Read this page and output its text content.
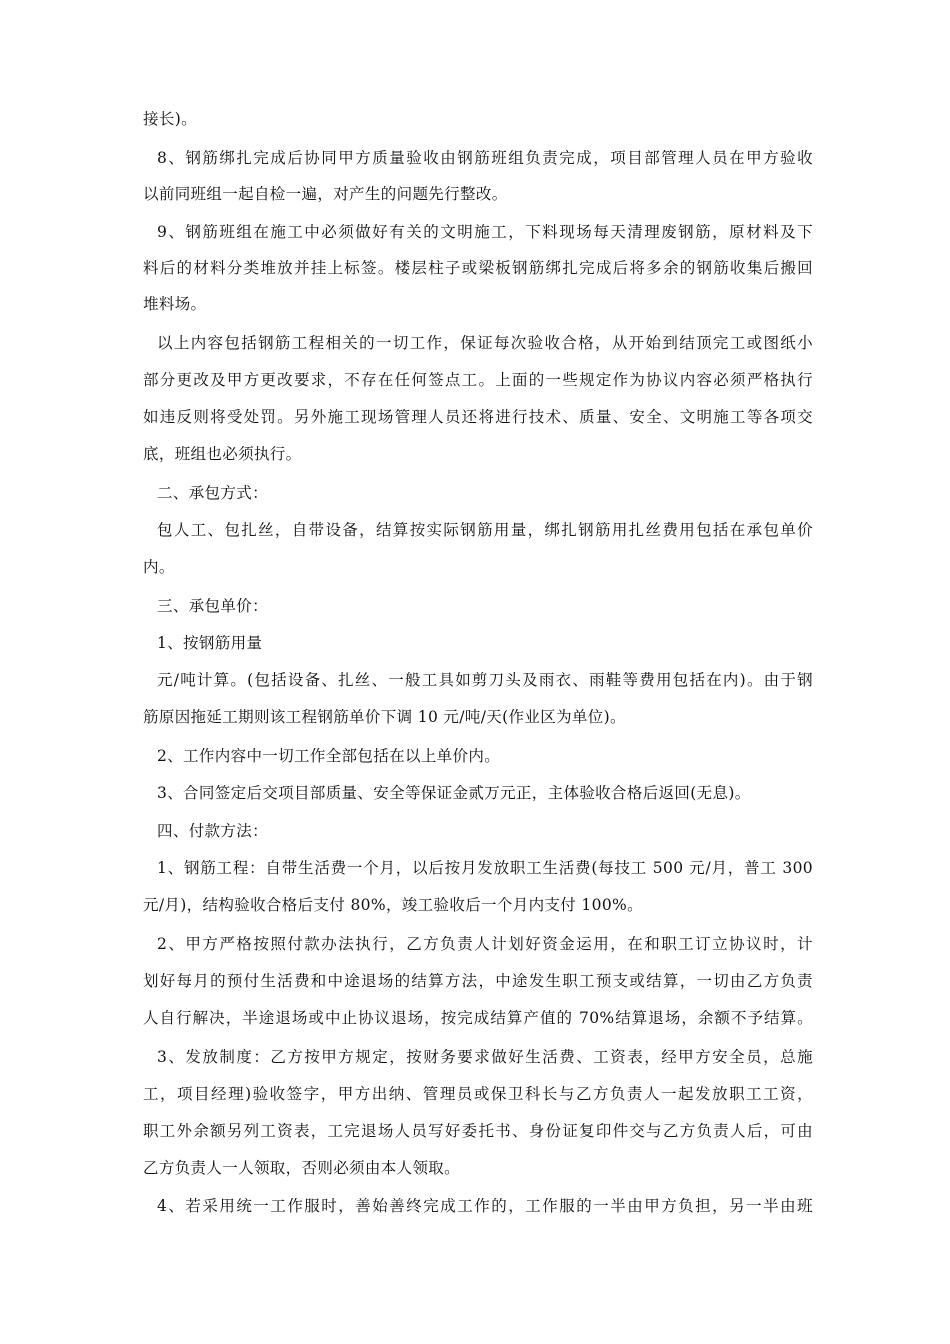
接长)。
8、钢筋绑扎完成后协同甲方质量验收由钢筋班组负责完成，项目部管理人员在甲方验收
以前同班组一起自检一遍，对产生的问题先行整改。
9、钢筋班组在施工中必须做好有关的文明施工，下料现场每天清理废钢筋，原材料及下
料后的材料分类堆放并挂上标签。楼层柱子或梁板钢筋绑扎完成后将多余的钢筋收集后搬回
堆料场。
以上内容包括钢筋工程相关的一切工作，保证每次验收合格，从开始到结顶完工或图纸小
部分更改及甲方更改要求，不存在任何签点工。上面的一些规定作为协议内容必须严格执行
如违反则将受处罚。另外施工现场管理人员还将进行技术、质量、安全、文明施工等各项交
底，班组也必须执行。
二、承包方式：
包人工、包扎丝，自带设备，结算按实际钢筋用量，绑扎钢筋用扎丝费用包括在承包单价
内。
三、承包单价：
1、按钢筋用量
元/吨计算。(包括设备、扎丝、一般工具如剪刀头及雨衣、雨鞋等费用包括在内)。由于钢
筋原因拖延工期则该工程钢筋单价下调 10 元/吨/天(作业区为单位)。
2、工作内容中一切工作全部包括在以上单价内。
3、合同签定后交项目部质量、安全等保证金贰万元正，主体验收合格后返回(无息)。
四、付款方法：
1、钢筋工程：自带生活费一个月，以后按月发放职工生活费(每技工 500 元/月，普工 300
元/月)，结构验收合格后支付 80%，竣工验收后一个月内支付 100%。
2、甲方严格按照付款办法执行，乙方负责人计划好资金运用，在和职工订立协议时，计
划好每月的预付生活费和中途退场的结算方法，中途发生职工预支或结算，一切由乙方负责
人自行解决，半途退场或中止协议退场，按完成结算产值的 70%结算退场，余额不予结算。
3、发放制度：乙方按甲方规定，按财务要求做好生活费、工资表，经甲方安全员，总施
工，项目经理)验收签字，甲方出纳、管理员或保卫科长与乙方负责人一起发放职工工资，
职工外余额另列工资表，工完退场人员写好委托书、身份证复印件交与乙方负责人后，可由
乙方负责人一人领取，否则必须由本人领取。
4、若采用统一工作服时，善始善终完成工作的，工作服的一半由甲方负担，另一半由班
